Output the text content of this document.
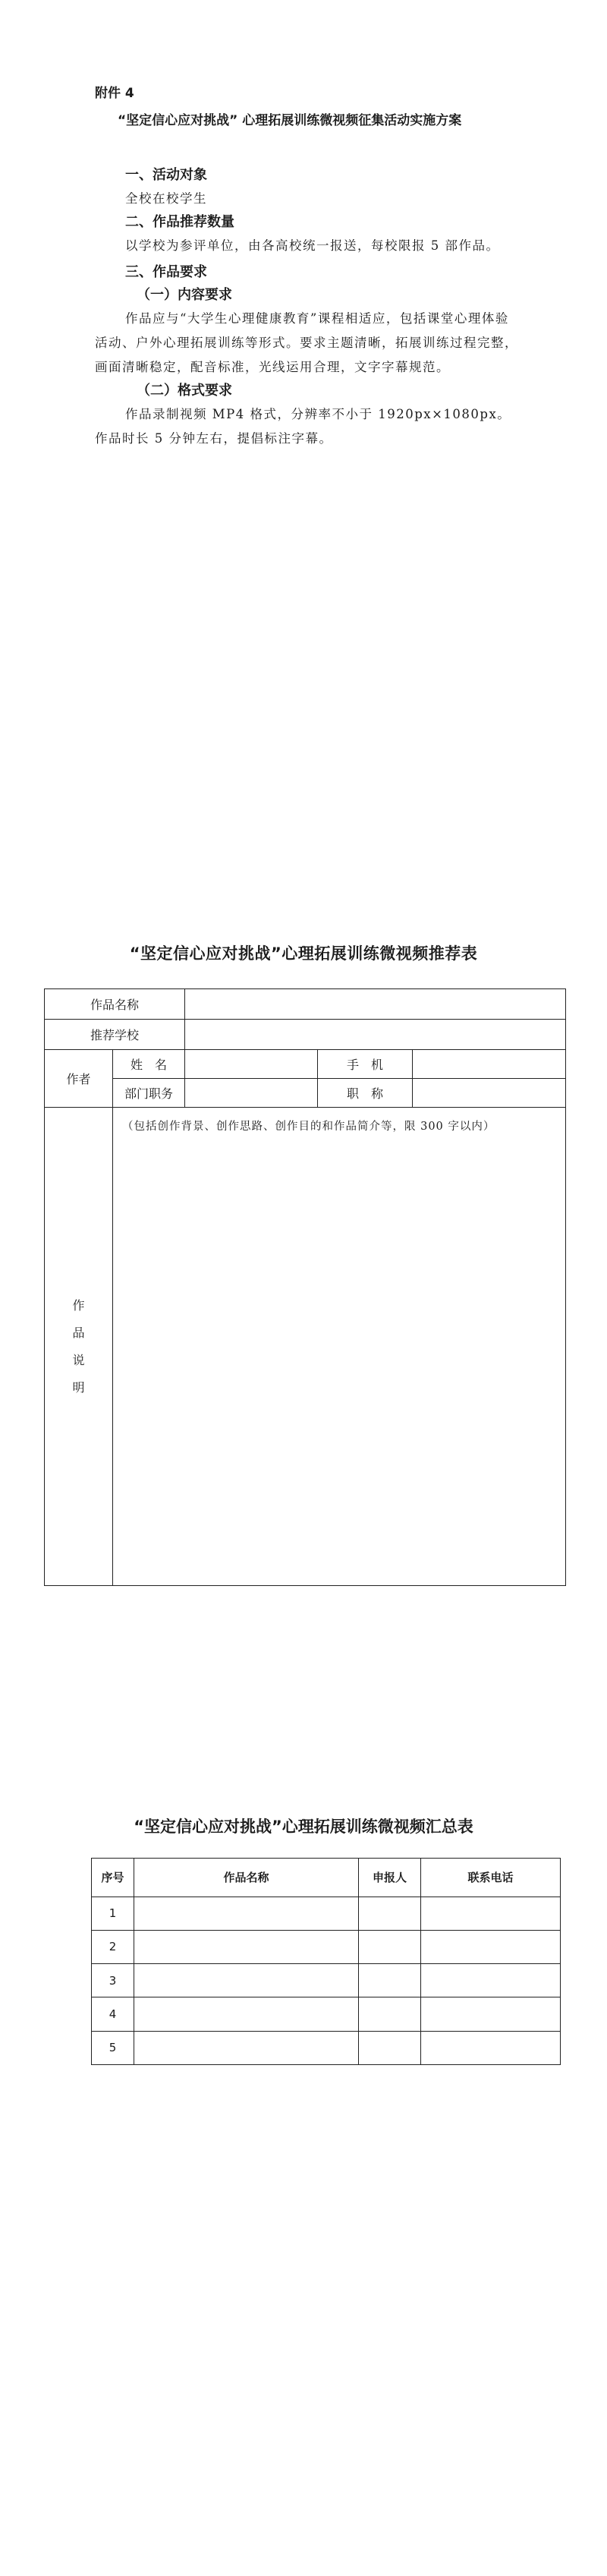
附件 4

“坚定信心应对挑战” 心理拓展训练微视频征集活动实施方案

一、活动对象

全校在校学生

二、作品推荐数量

以学校为参评单位，由各高校统一报送，每校限报 5 部作品。

三、作品要求

（一）内容要求

作品应与“大学生心理健康教育”课程相适应，包括课堂心理体验活动、户外心理拓展训练等形式。要求主题清晰，拓展训练过程完整，画面清晰稳定，配音标准，光线运用合理，文字字幕规范。

（二）格式要求

作品录制视频 MP4 格式，分辨率不小于 1920px×1080px。作品时长 5 分钟左右，提倡标注字幕。

“坚定信心应对挑战”心理拓展训练微视频推荐表
作品名称				
推荐学校				
作者	姓　名		手　机	
	部门职务		职　称	

作
品
说
明	（包括创作背景、创作思路、创作目的和作品简介等，限 300 字以内）			
“坚定信心应对挑战”心理拓展训练微视频汇总表
序号	作品名称	申报人	联系电话
1			
2			
3			
4			
5			
